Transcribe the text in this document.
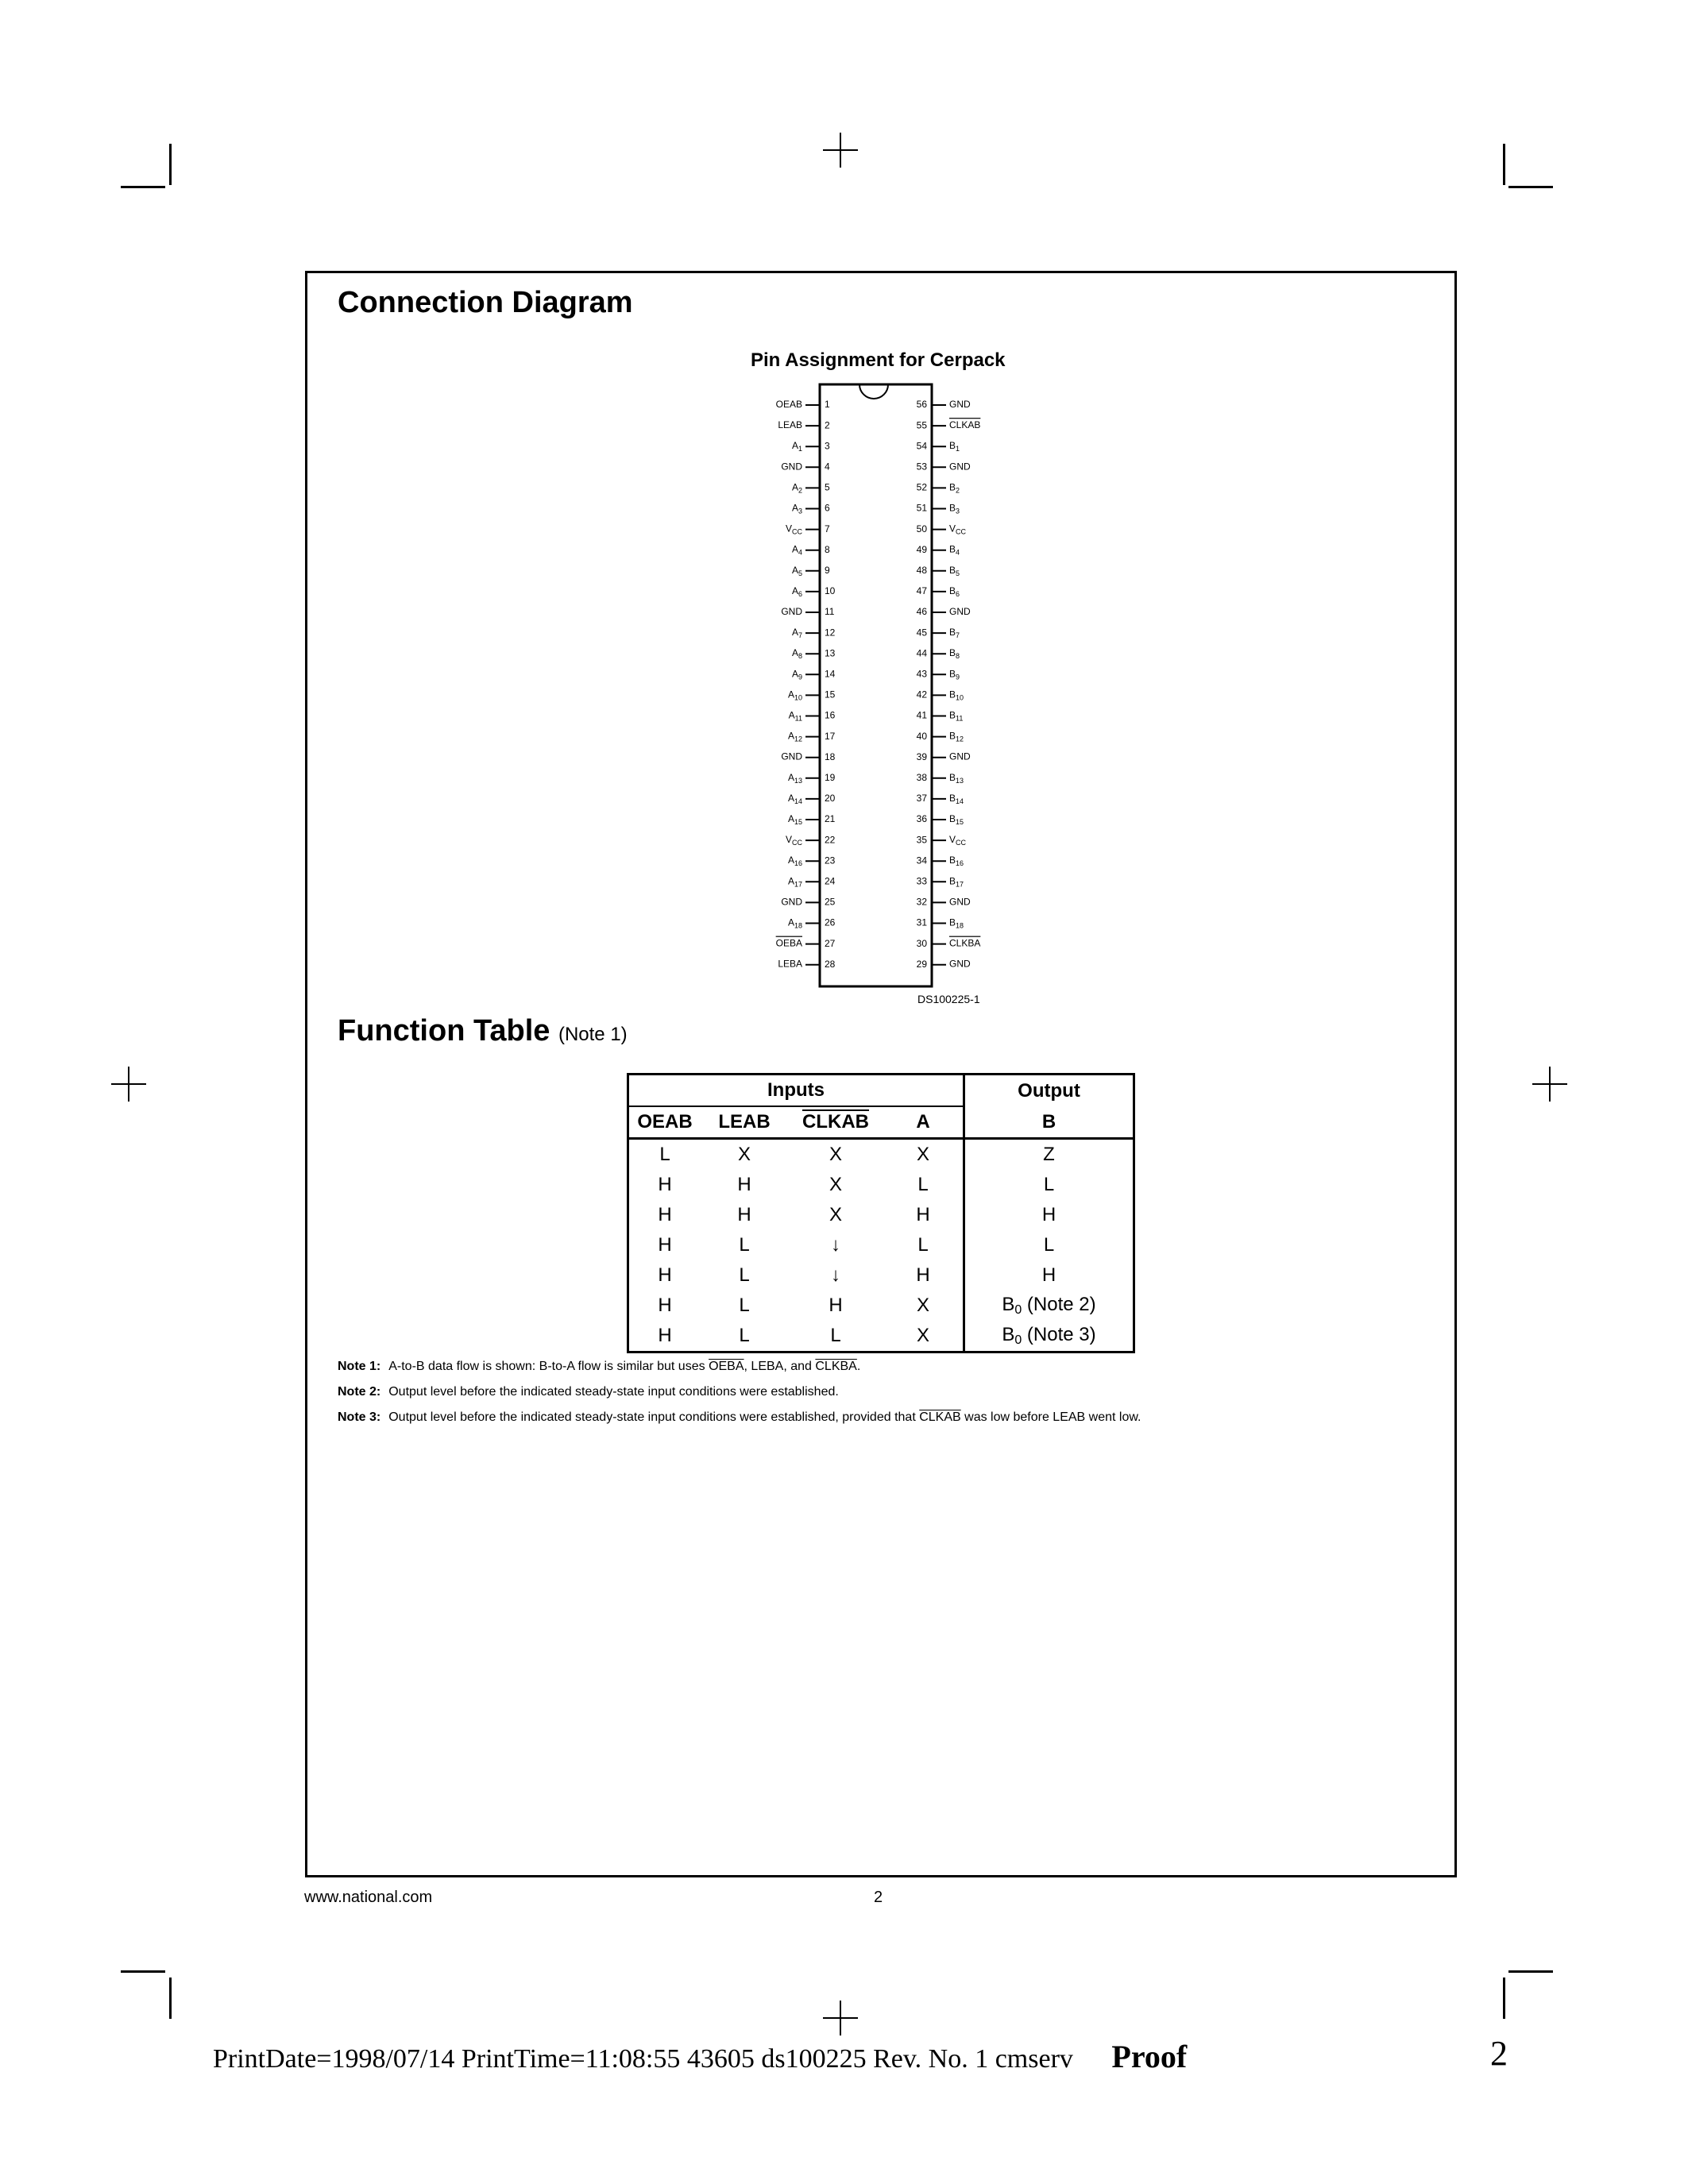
Connection Diagram
Pin Assignment for Cerpack
1
OEAB
2
LEAB
3
$A_1$
4
GND
5
$A_2$
6
$A_3$
7
$V_{CC}$
8
$A_4$
9
$A_5$
10
$A_6$
11
GND
12
$A_7$
13
$A_8$
14
$A_9$
15
$A_{10}$
16
$A_{11}$
17
$A_{12}$
18
GND
19
$A_{13}$
20
$A_{14}$
21
$A_{15}$
22
$V_{CC}$
23
$A_{16}$
24
$A_{17}$
25
GND
26
$A_{18}$
27
OEBA
28
LEBA
56 GND
55 CLKAB
54 $B_1$
53 GND
52 $B_2$
51 $B_3$
50 $V_{CC}$
49 $B_4$
48 $B_5$
47 $B_6$
46 GND
45 $B_7$
44 $B_8$
43 $B_9$
42 $B_{10}$
41 $B_{11}$
40 $B_{12}$
39 GND
38 $B_{13}$
37 $B_{14}$
36 $B_{15}$
35 $V_{CC}$
34 $B_{16}$
33 $B_{17}$
32 GND
31 $B_{18}$
30 CLKBA
29 GND
DS100225-1
Function Table (Note 1)
Inputs				Output
OEAB	LEAB	CLKAB	A	B
L	X	X	X	Z
H	H	X	L	L
H	H	X	H	H
H	L	↓	L	L
H	L	↓	H	H
H	L	H	X	$B_0$ (Note 2)
H	L	L	X	$B_0$ (Note 3)
Note 1: A-to-B data flow is shown: B-to-A flow is similar but uses OEBA, LEBA, and CLKBA.
Note 2: Output level before the indicated steady-state input conditions were established.
Note 3: Output level before the indicated steady-state input conditions were established, provided that CLKAB was low before LEAB went low.
www.national.com	2
PrintDate=1998/07/14 PrintTime=11:08:55 43605 ds100225 Rev. No. 1 cmserv Proof	2
